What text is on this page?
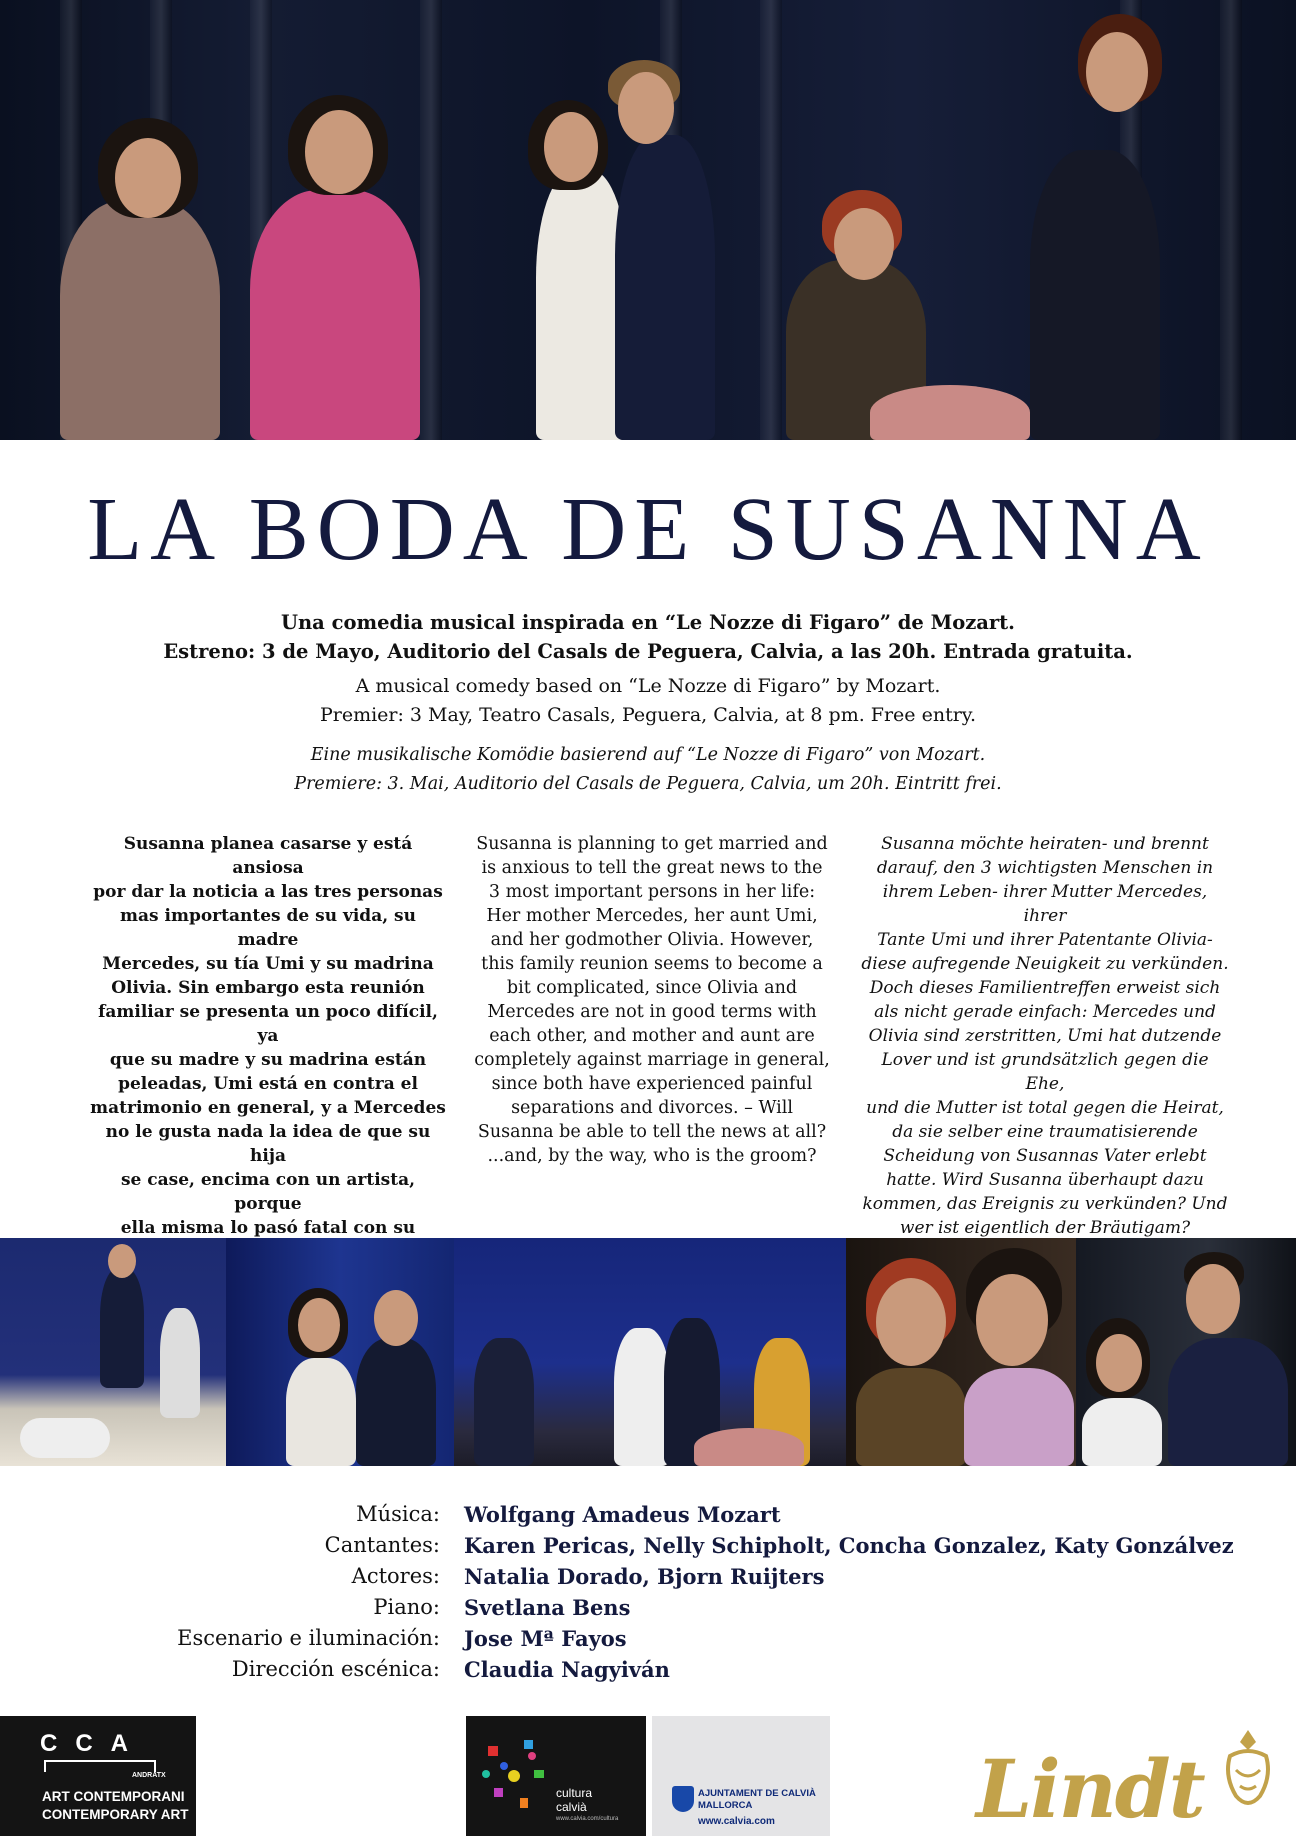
LA BODA DE SUSANNA

Una comedia musical inspirada en “Le Nozze di Figaro” de Mozart.

Estreno: 3 de Mayo, Auditorio del Casals de Peguera, Calvia, a las 20h. Entrada gratuita.

A musical comedy based on “Le Nozze di Figaro” by Mozart.

Premier: 3 May, Teatro Casals, Peguera, Calvia, at 8 pm. Free entry.

Eine musikalische Komödie basierend auf “Le Nozze di Figaro” von Mozart.

Premiere: 3. Mai, Auditorio del Casals de Peguera, Calvia, um 20h. Eintritt frei.

Susanna planea casarse y está ansiosa
por dar la noticia a las tres personas
mas importantes de su vida, su madre
Mercedes, su tía Umi y su madrina
Olivia. Sin embargo esta reunión
familiar se presenta un poco difícil, ya
que su madre y su madrina están
peleadas, Umi está en contra el
matrimonio en general, y a Mercedes
no le gusta nada la idea de que su hija
se case, encima con un artista, porque
ella misma lo pasó fatal con su
Susanna is planning to get married and
is anxious to tell the great news to the
3 most important persons in her life:
Her mother Mercedes, her aunt Umi,
and her godmother Olivia. However,
this family reunion seems to become a
bit complicated, since Olivia and
Mercedes are not in good terms with
each other, and mother and aunt are
completely against marriage in general,
since both have experienced painful
separations and divorces. – Will
Susanna be able to tell the news at all?
...and, by the way, who is the groom?
Susanna möchte heiraten- und brennt
darauf, den 3 wichtigsten Menschen in
ihrem Leben- ihrer Mutter Mercedes, ihrer
Tante Umi und ihrer Patentante Olivia-
diese aufregende Neuigkeit zu verkünden.
Doch dieses Familientreffen erweist sich
als nicht gerade einfach: Mercedes und
Olivia sind zerstritten, Umi hat dutzende
Lover und ist grundsätzlich gegen die Ehe,
und die Mutter ist total gegen die Heirat,
da sie selber eine traumatisierende
Scheidung von Susannas Vater erlebt
hatte. Wird Susanna überhaupt dazu
kommen, das Ereignis zu verkünden? Und
wer ist eigentlich der Bräutigam?
Música: Wolfgang Amadeus Mozart
Cantantes: Karen Pericas, Nelly Schipholt, Concha Gonzalez, Katy Gonzálvez
Actores: Natalia Dorado, Bjorn Ruijters
Piano: Svetlana Bens
Escenario e iluminación: Jose Mª Fayos
Dirección escénica: Claudia Nagyiván
CCA
ANDRATX
ART CONTEMPORANI
CONTEMPORARY ART
cultura
calvià
www.calvia.com/cultura
AJUNTAMENT DE CALVIÀ
MALLORCA
www.calvia.com	Lindt
